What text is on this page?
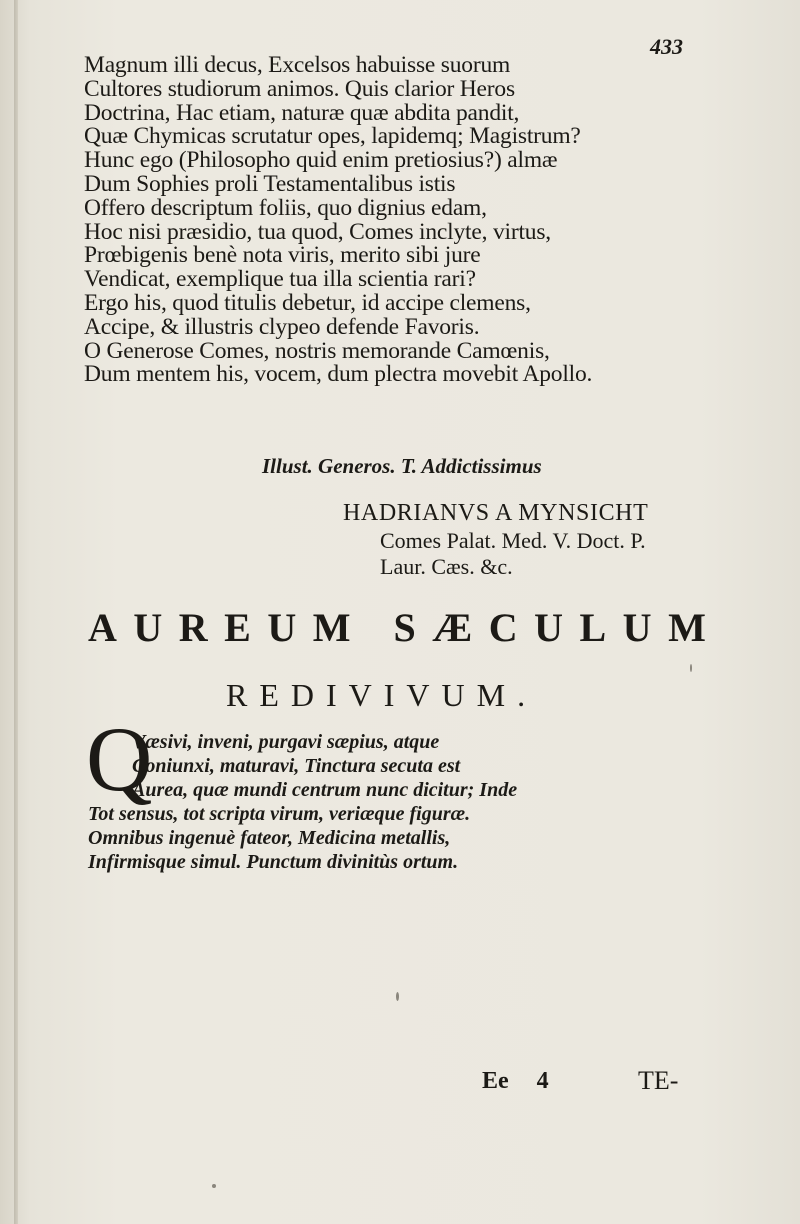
433
Magnum illi decus, Excelsos habuisse suorum
Cultores studiorum animos. Quis clarior Heros
Doctrina, Hac etiam, naturæ quæ abdita pandit,
Quæ Chymicas scrutatur opes, lapidemq; Magistrum?
Hunc ego (Philosopho quid enim pretiosius?) almæ
Dum Sophies proli Testamentalibus istis
Offero descriptum foliis, quo dignius edam,
Hoc nisi præsidio, tua quod, Comes inclyte, virtus,
Prœbigenis benè nota viris, merito sibi jure
Vendicat, exemplique tua illa scientia rari?
Ergo his, quod titulis debetur, id accipe clemens,
Accipe, & illustris clypeo defende Favoris.
O Generose Comes, nostris memorande Camœnis,
Dum mentem his, vocem, dum plectra movebit Apollo.
Illust. Generos. T. Addictissimus
HADRIANVS A MYNSICHT
Comes Palat. Med. V. Doct. P.
Laur. Cæs. &c.
AUREUM SÆCULUM
REDIVIVUM.
Q
Væsivi, inveni, purgavi sæpius, atque
Coniunxi, maturavi, Tinctura secuta est
Aurea, quæ mundi centrum nunc dicitur; Inde
Tot sensus, tot scripta virum, veriæque figuræ.
Omnibus ingenuè fateor, Medicina metallis,
Infirmisque simul. Punctum divinitùs ortum.
Ee 4	TE-
